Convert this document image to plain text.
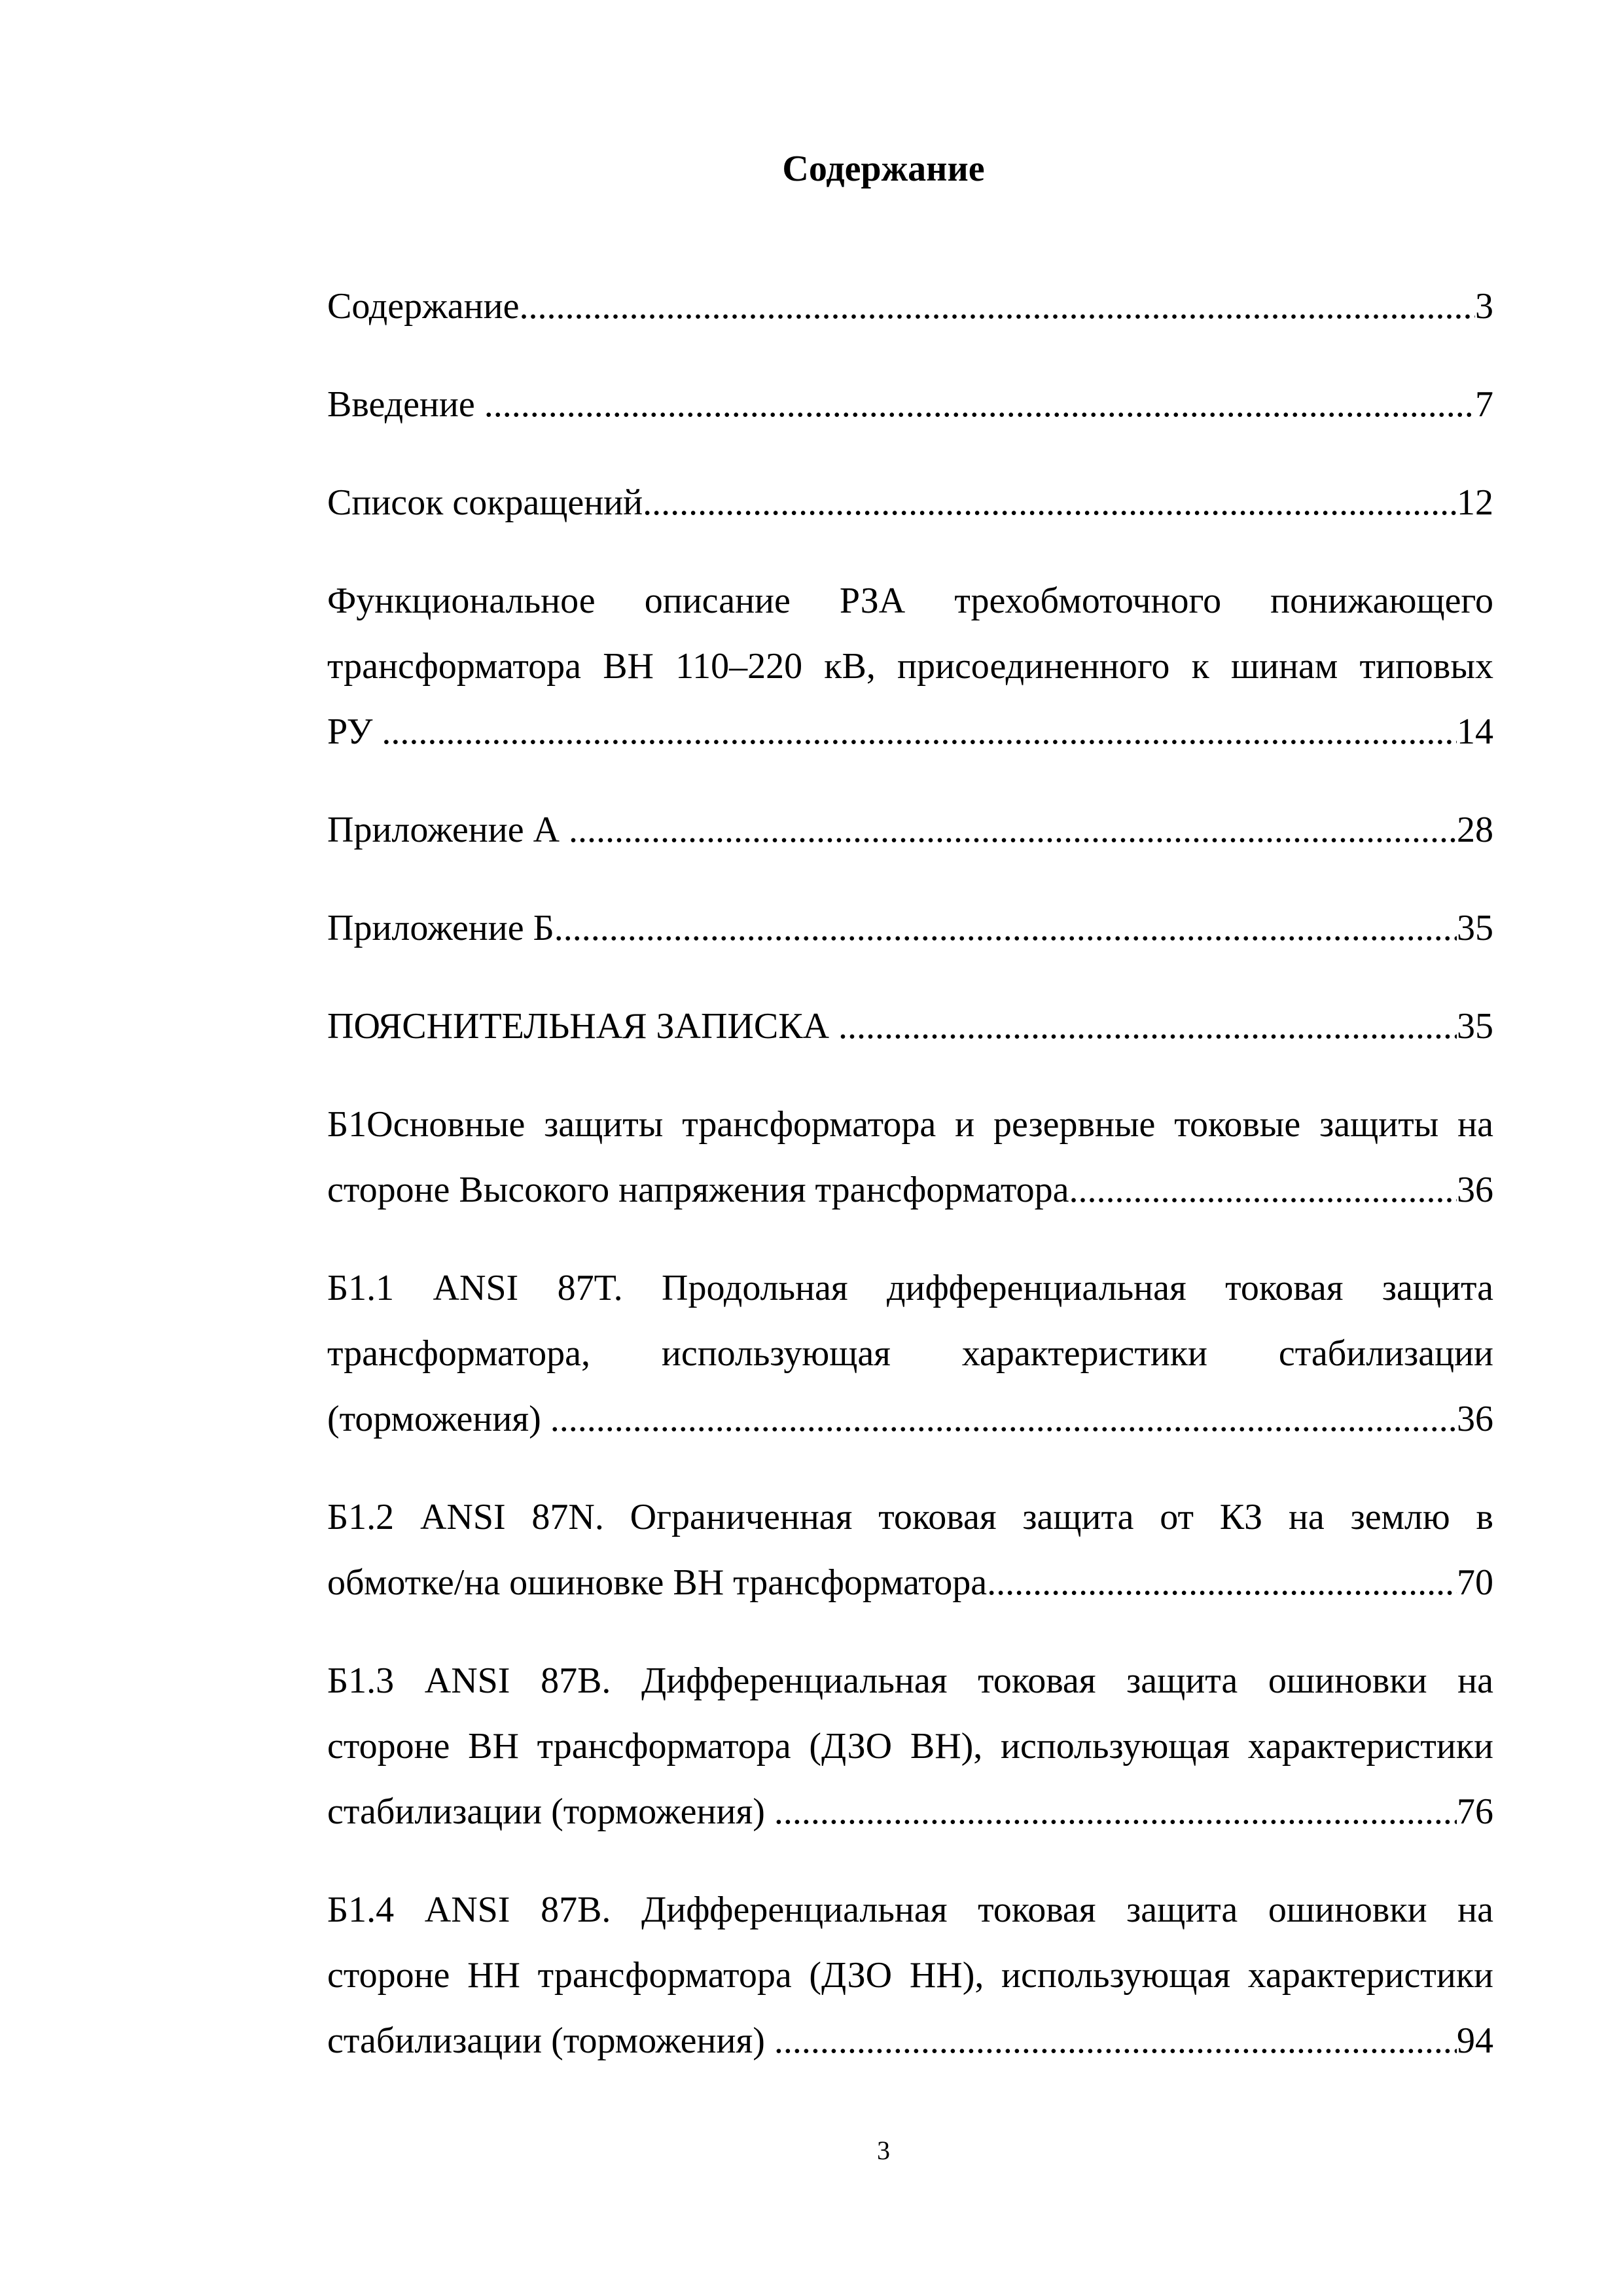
Содержание
Содержание .....	3
Введение .....	7
Список сокращений .....	12
Функциональное описание РЗА трехобмоточного понижающего
трансформатора ВН 110–220 кВ, присоединенного к шинам типовых
РУ .....	14
Приложение А .....	28
Приложение Б .....	35
ПОЯСНИТЕЛЬНАЯ ЗАПИСКА .....	35
Б1Основные защиты трансформатора и резервные токовые защиты на
стороне Высокого напряжения трансформатора .....	36
Б1.1 ANSI 87T. Продольная дифференциальная токовая защита
трансформатора, использующая характеристики стабилизации
(торможения) .....	36
Б1.2 ANSI 87N. Ограниченная токовая защита от КЗ на землю в
обмотке/на ошиновке ВН трансформатора .....	70
Б1.3 ANSI 87B. Дифференциальная токовая защита ошиновки на
стороне ВН трансформатора (ДЗО ВН), использующая характеристики
стабилизации (торможения) .....	76
Б1.4 ANSI 87B. Дифференциальная токовая защита ошиновки на
стороне НН трансформатора (ДЗО НН), использующая характеристики
стабилизации (торможения) .....	94
3
